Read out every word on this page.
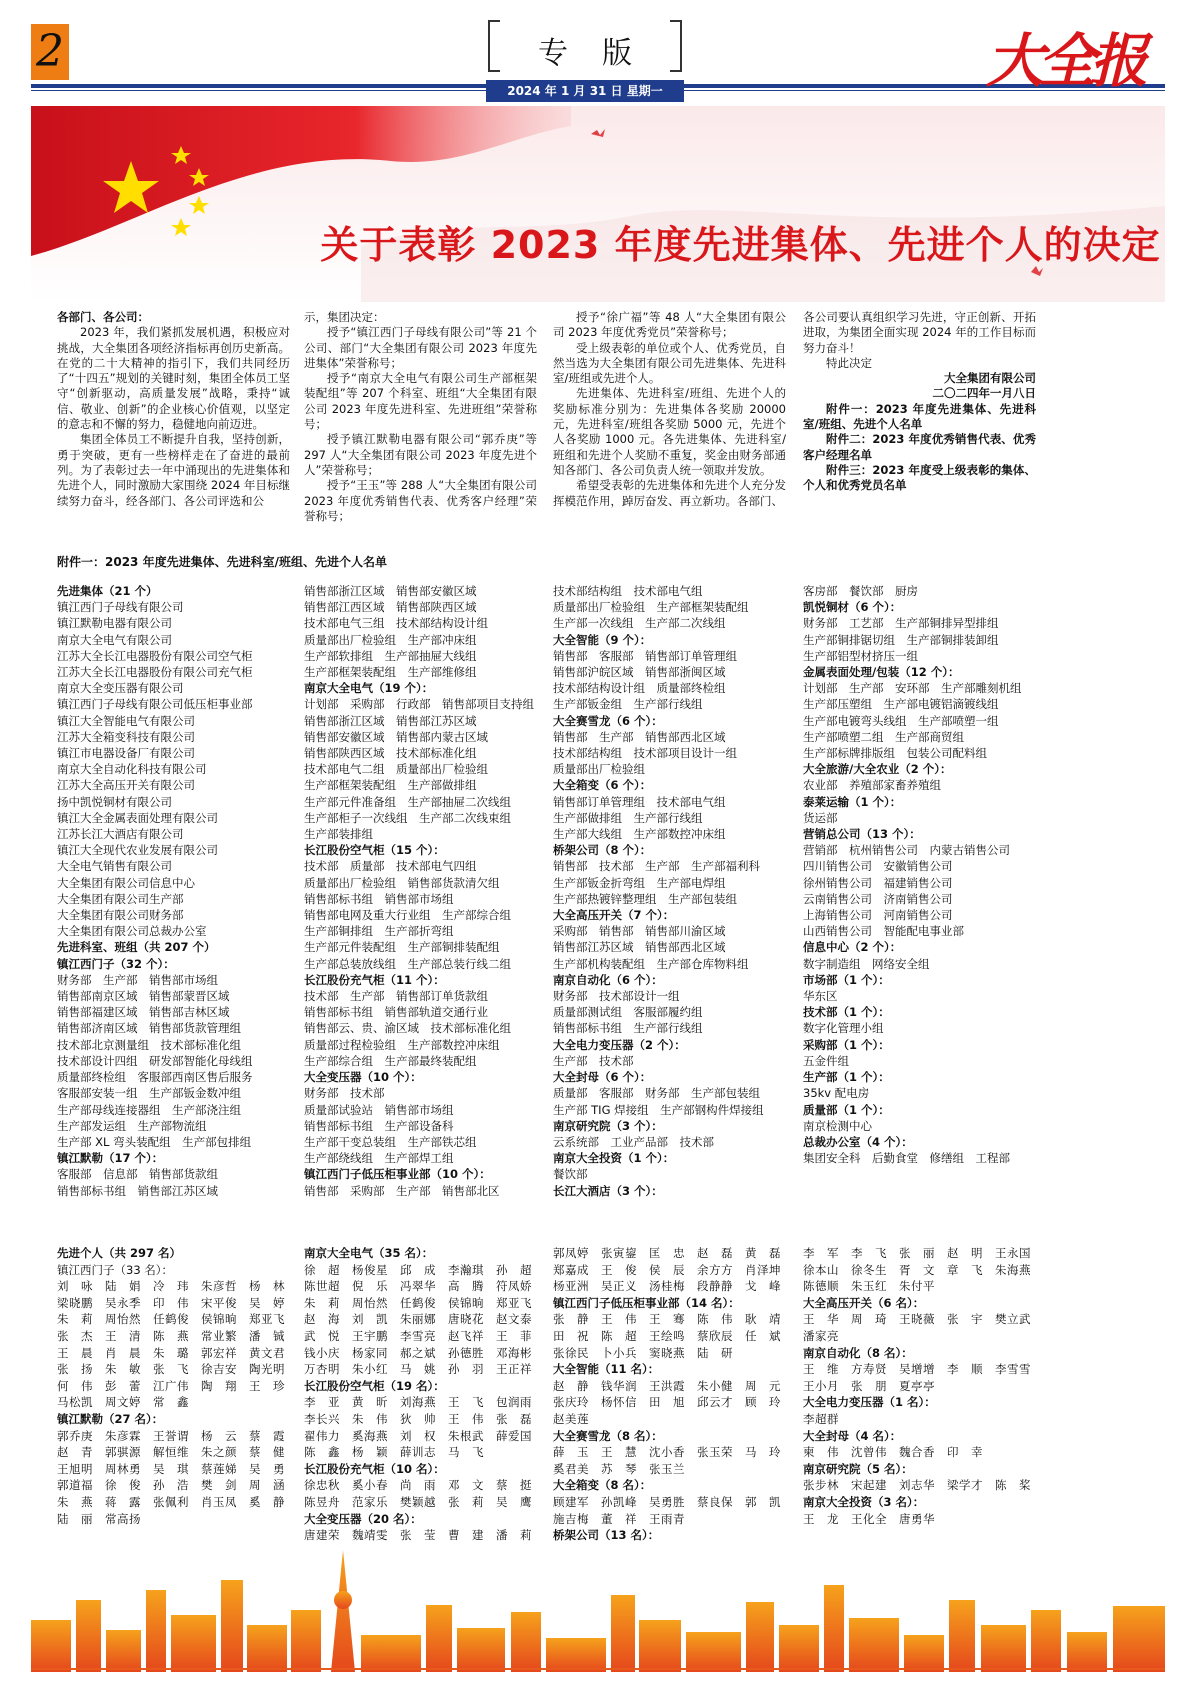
2	专版
2024 年 1 月 31 日 星期一	大全报
关于表彰 2023 年度先进集体、先进个人的决定

各部门、各公司：

2023 年，我们紧抓发展机遇，积极应对挑战，大全集团各项经济指标再创历史新高。在党的二十大精神的指引下，我们共同经历了“十四五”规划的关键时刻，集团全体员工坚守“创新驱动，高质量发展”战略，秉持“诚信、敬业、创新”的企业核心价值观，以坚定的意志和不懈的努力，稳健地向前迈进。

集团全体员工不断提升自我，坚持创新，勇于突破，更有一些榜样走在了奋进的最前列。为了表彰过去一年中涌现出的先进集体和先进个人，同时激励大家围绕 2024 年目标继续努力奋斗，经各部门、各公司评选和公

示，集团决定：

授予“镇江西门子母线有限公司”等 21 个公司、部门“大全集团有限公司 2023 年度先进集体”荣誉称号；

授予“南京大全电气有限公司生产部框架装配组”等 207 个科室、班组“大全集团有限公司 2023 年度先进科室、先进班组”荣誉称号；

授予镇江默勒电器有限公司“郭乔庚”等 297 人“大全集团有限公司 2023 年度先进个人”荣誉称号；

授予“王玉”等 288 人“大全集团有限公司 2023 年度优秀销售代表、优秀客户经理”荣誉称号；

授予“徐广福”等 48 人“大全集团有限公司 2023 年度优秀党员”荣誉称号；

受上级表彰的单位或个人、优秀党员，自然当选为大全集团有限公司先进集体、先进科室/班组或先进个人。

先进集体、先进科室/班组、先进个人的奖励标准分别为：先进集体各奖励 20000 元，先进科室/班组各奖励 5000 元，先进个人各奖励 1000 元。各先进集体、先进科室/班组和先进个人奖励不重复，奖金由财务部通知各部门、各公司负责人统一领取并发放。

希望受表彰的先进集体和先进个人充分发挥模范作用，踔厉奋发、再立新功。各部门、

各公司要认真组织学习先进，守正创新、开拓进取，为集团全面实现 2024 年的工作目标而努力奋斗！

特此决定

大全集团有限公司

二〇二四年一月八日

附件一：2023 年度先进集体、先进科室/班组、先进个人名单

附件二：2023 年度优秀销售代表、优秀客户经理名单

附件三：2023 年度受上级表彰的集体、个人和优秀党员名单

附件一：2023 年度先进集体、先进科室/班组、先进个人名单
先进集体（21 个）
镇江西门子母线有限公司
镇江默勒电器有限公司
南京大全电气有限公司
江苏大全长江电器股份有限公司空气柜
江苏大全长江电器股份有限公司充气柜
南京大全变压器有限公司
镇江西门子母线有限公司低压柜事业部
镇江大全智能电气有限公司
江苏大全箱变科技有限公司
镇江市电器设备厂有限公司
南京大全自动化科技有限公司
江苏大全高压开关有限公司
扬中凯悦铜材有限公司
镇江大全金属表面处理有限公司
江苏长江大酒店有限公司
镇江大全现代农业发展有限公司
大全电气销售有限公司
大全集团有限公司信息中心
大全集团有限公司生产部
大全集团有限公司财务部
大全集团有限公司总裁办公室
先进科室、班组（共 207 个）
镇江西门子（32 个）：
财务部　生产部　销售部市场组
销售部南京区域　销售部蒙晋区域
销售部福建区域　销售部吉林区域
销售部济南区域　销售部货款管理组
技术部北京测量组　技术部标准化组
技术部设计四组　研发部智能化母线组
质量部终检组　客服部西南区售后服务
客服部安装一组　生产部钣金数冲组
生产部母线连接器组　生产部浇注组
生产部发运组　生产部物流组
生产部 XL 弯头装配组　生产部包排组
镇江默勒（17 个）：
客服部　信息部　销售部货款组
销售部标书组　销售部江苏区域
销售部浙江区域　销售部安徽区域
销售部江西区域　销售部陕西区域
技术部电气三组　技术部结构设计组
质量部出厂检验组　生产部冲床组
生产部软排组　生产部抽屉大线组
生产部框架装配组　生产部维修组
南京大全电气（19 个）：
计划部　采购部　行政部　销售部项目支持组
销售部浙江区域　销售部江苏区域
销售部安徽区域　销售部内蒙古区域
销售部陕西区域　技术部标准化组
技术部电气二组　质量部出厂检验组
生产部框架装配组　生产部做排组
生产部元件准备组　生产部抽屉二次线组
生产部柜子一次线组　生产部二次线束组
生产部装排组
长江股份空气柜（15 个）：
技术部　质量部　技术部电气四组
质量部出厂检验组　销售部货款清欠组
销售部标书组　销售部市场组
销售部电网及重大行业组　生产部综合组
生产部铜排组　生产部折弯组
生产部元件装配组　生产部铜排装配组
生产部总装放线组　生产部总装行线二组
长江股份充气柜（11 个）：
技术部　生产部　销售部订单货款组
销售部标书组　销售部轨道交通行业
销售部云、贵、渝区域　技术部标准化组
质量部过程检验组　生产部数控冲床组
生产部综合组　生产部最终装配组
大全变压器（10 个）：
财务部　技术部
质量部试验站　销售部市场组
销售部标书组　生产部设备科
生产部干变总装组　生产部铁芯组
生产部绕线组　生产部焊工组
镇江西门子低压柜事业部（10 个）：
销售部　采购部　生产部　销售部北区
技术部结构组　技术部电气组
质量部出厂检验组　生产部框架装配组
生产部一次线组　生产部二次线组
大全智能（9 个）：
销售部　客服部　销售部订单管理组
销售部沪皖区域　销售部浙闽区域
技术部结构设计组　质量部终检组
生产部钣金组　生产部行线组
大全赛雪龙（6 个）：
销售部　生产部　销售部西北区域
技术部结构组　技术部项目设计一组
质量部出厂检验组
大全箱变（6 个）：
销售部订单管理组　技术部电气组
生产部做排组　生产部行线组
生产部大线组　生产部数控冲床组
桥架公司（8 个）：
销售部　技术部　生产部　生产部福利科
生产部钣金折弯组　生产部电焊组
生产部热镀锌整理组　生产部包装组
大全高压开关（7 个）：
采购部　销售部　销售部川渝区域
销售部江苏区域　销售部西北区域
生产部机构装配组　生产部仓库物料组
南京自动化（6 个）：
财务部　技术部设计一组
质量部测试组　客服部履约组
销售部标书组　生产部行线组
大全电力变压器（2 个）：
生产部　技术部
大全封母（6 个）：
质量部　客服部　财务部　生产部包装组
生产部 TIG 焊接组　生产部钢构件焊接组
南京研究院（3 个）：
云系统部　工业产品部　技术部
南京大全投资（1 个）：
餐饮部
长江大酒店（3 个）：
客房部　餐饮部　厨房
凯悦铜材（6 个）：
财务部　工艺部　生产部铜排异型排组
生产部铜排锯切组　生产部铜排装卸组
生产部铝型材挤压一组
金属表面处理/包装（12 个）：
计划部　生产部　安环部　生产部雕刻机组
生产部压塑组　生产部电镀铝滴镀线组
生产部电镀弯头线组　生产部喷塑一组
生产部喷塑二组　生产部商贸组
生产部标牌排版组　包装公司配料组
大全旅游/大全农业（2 个）：
农业部　养殖部家畜养殖组
泰莱运输（1 个）：
货运部
营销总公司（13 个）：
营销部　杭州销售公司　内蒙古销售公司
四川销售公司　安徽销售公司
徐州销售公司　福建销售公司
云南销售公司　济南销售公司
上海销售公司　河南销售公司
山西销售公司　智能配电事业部
信息中心（2 个）：
数字制造组　网络安全组
市场部（1 个）：
华东区
技术部（1 个）：
数字化管理小组
采购部（1 个）：
五金件组
生产部（1 个）：
35kv 配电房
质量部（1 个）：
南京检测中心
总裁办公室（4 个）：
集团安全科　后勤食堂　修缮组　工程部
先进个人（共 297 名）
镇江西门子（33 名）：
刘　咏　陆　娟　冷　玮　朱彦哲　杨　林
梁晓鹏　吴永季　印　伟　宋平俊　吴　婷
朱　莉　周怡然　任鹤俊　侯锦晌　郑亚飞
张　杰　王　清　陈　燕　常业繁　潘　铖
王　晨　肖　晨　朱　璐　郭宏祥　黄文君
张　扬　朱　敏　张　飞　徐吉安　陶光明
何　伟　彭　蕾　江广伟　陶　翔　王　珍
马松凯　周文婷　常　鑫
镇江默勒（27 名）：
郭乔庚　朱彦霖　王誉谓　杨　云　蔡　霞
赵　青　郭骐源　解恒维　朱之颜　蔡　健
王旭明　周林勇　吴　琪　蔡莲娣　吴　勇
郭道福　徐　俊　孙　浩　樊　剑　周　涵
朱　燕　蒋　露　张佩利　肖玉凤　奚　静
陆　丽　常高扬
南京大全电气（35 名）：
徐　超　杨俊星　邱　成　李瀚琪　孙　超
陈世超　倪　乐　冯翠华　高　腾　符凤娇
朱　莉　周怡然　任鹤俊　侯锦晌　郑亚飞
赵　海　刘　凯　朱丽娜　唐晓花　赵文泰
武　悦　王宇鹏　李雪亮　赵飞祥　王　菲
钱小庆　杨家同　郝之斌　孙德胜　邓海彬
万杏明　朱小红　马　姚　孙　羽　王正祥
长江股份空气柜（19 名）：
李　亚　黄　昕　刘海燕　王　飞　包润雨
李长兴　朱　伟　狄　帅　王　伟　张　磊
翟伟力　奚海燕　刘　权　朱根武　薛爱国
陈　鑫　杨　颖　薛训志　马　飞
长江股份充气柜（10 名）：
徐忠秋　奚小春　尚　雨　邓　文　蔡　挺
陈昱舟　范家乐　樊颖越　张　莉　吴　鹰
大全变压器（20 名）：
唐建荣　魏靖雯　张　莹　曹　建　潘　莉
郭凤婷　张寅鋆　匡　忠　赵　磊　黄　磊
郑嘉成　王　俊　侯　辰　余方方　肖泽坤
杨亚洲　吴正义　汤桂梅　段静静　戈　峰
镇江西门子低压柜事业部（14 名）：
张　静　王　伟　王　骞　陈　伟　耿　靖
田　祝　陈　超　王绘鸣　蔡欣辰　任　斌
张徐民　卜小兵　窦晓燕　陆　研
大全智能（11 名）：
赵　静　钱华润　王洪霞　朱小健　周　元
张庆玲　杨怀信　田　旭　邱云才　顾　玲
赵美莲
大全赛雪龙（8 名）：
薛　玉　王　慧　沈小香　张玉荣　马　玲
奚君美　苏　琴　张玉兰
大全箱变（8 名）：
顾建军　孙凯峰　吴勇胜　蔡良保　郭　凯
施吉梅　董　祥　王雨青
桥架公司（13 名）：
李　军　李　飞　张　丽　赵　明　王永国
徐本山　徐冬生　胥　文　章　飞　朱海燕
陈德顺　朱玉红　朱付平
大全高压开关（6 名）：
王　华　周　琦　王晓薇　张　宇　樊立武
潘家亮
南京自动化（8 名）：
王　维　方寿贤　吴增增　李　顺　李雪雪
王小月　张　朋　夏亭亭
大全电力变压器（1 名）：
李超群
大全封母（4 名）：
柬　伟　沈曾伟　魏合香　印　幸
南京研究院（5 名）：
张步林　宋起建　刘志华　梁学才　陈　桨
南京大全投资（3 名）：
王　龙　王化全　唐勇华
